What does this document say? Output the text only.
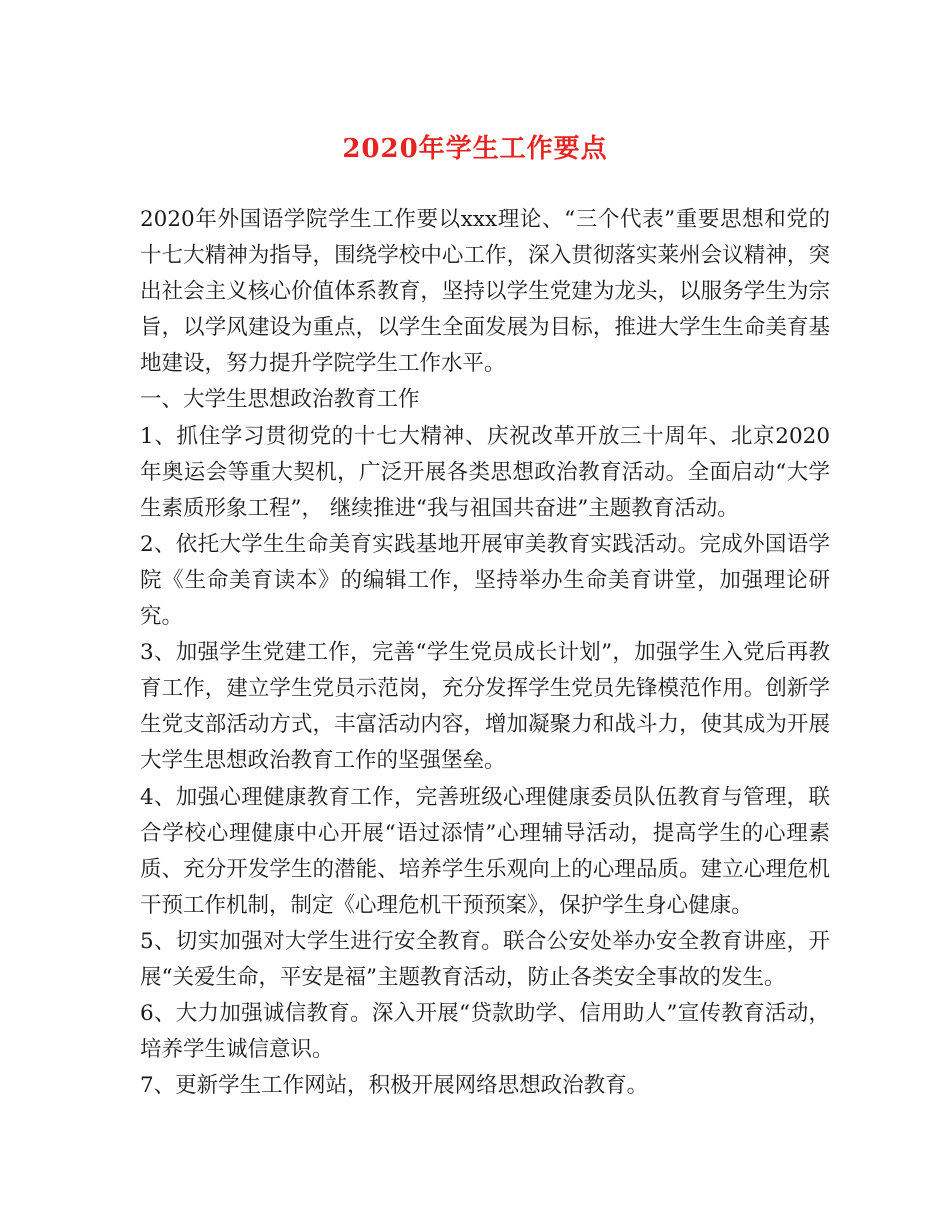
2020年学生工作要点

2020年外国语学院学生工作要以xxx理论、“三个代表”重要思想和党的十七大精神为指导，围绕学校中心工作，深入贯彻落实莱州会议精神，突出社会主义核心价值体系教育，坚持以学生党建为龙头，以服务学生为宗旨，以学风建设为重点，以学生全面发展为目标，推进大学生生命美育基地建设，努力提升学院学生工作水平。

一、大学生思想政治教育工作

1、抓住学习贯彻党的十七大精神、庆祝改革开放三十周年、北京2020年奥运会等重大契机，广泛开展各类思想政治教育活动。全面启动“大学生素质形象工程”， 继续推进“我与祖国共奋进”主题教育活动。

2、依托大学生生命美育实践基地开展审美教育实践活动。完成外国语学院《生命美育读本》的编辑工作，坚持举办生命美育讲堂，加强理论研究。

3、加强学生党建工作，完善“学生党员成长计划”，加强学生入党后再教育工作，建立学生党员示范岗，充分发挥学生党员先锋模范作用。创新学生党支部活动方式，丰富活动内容，增加凝聚力和战斗力，使其成为开展大学生思想政治教育工作的坚强堡垒。

4、加强心理健康教育工作，完善班级心理健康委员队伍教育与管理，联合学校心理健康中心开展“语过添情”心理辅导活动，提高学生的心理素质、充分开发学生的潜能、培养学生乐观向上的心理品质。建立心理危机干预工作机制，制定《心理危机干预预案》，保护学生身心健康。

5、切实加强对大学生进行安全教育。联合公安处举办安全教育讲座，开展“关爱生命，平安是福”主题教育活动，防止各类安全事故的发生。

6、大力加强诚信教育。深入开展“贷款助学、信用助人”宣传教育活动，培养学生诚信意识。

7、更新学生工作网站，积极开展网络思想政治教育。
